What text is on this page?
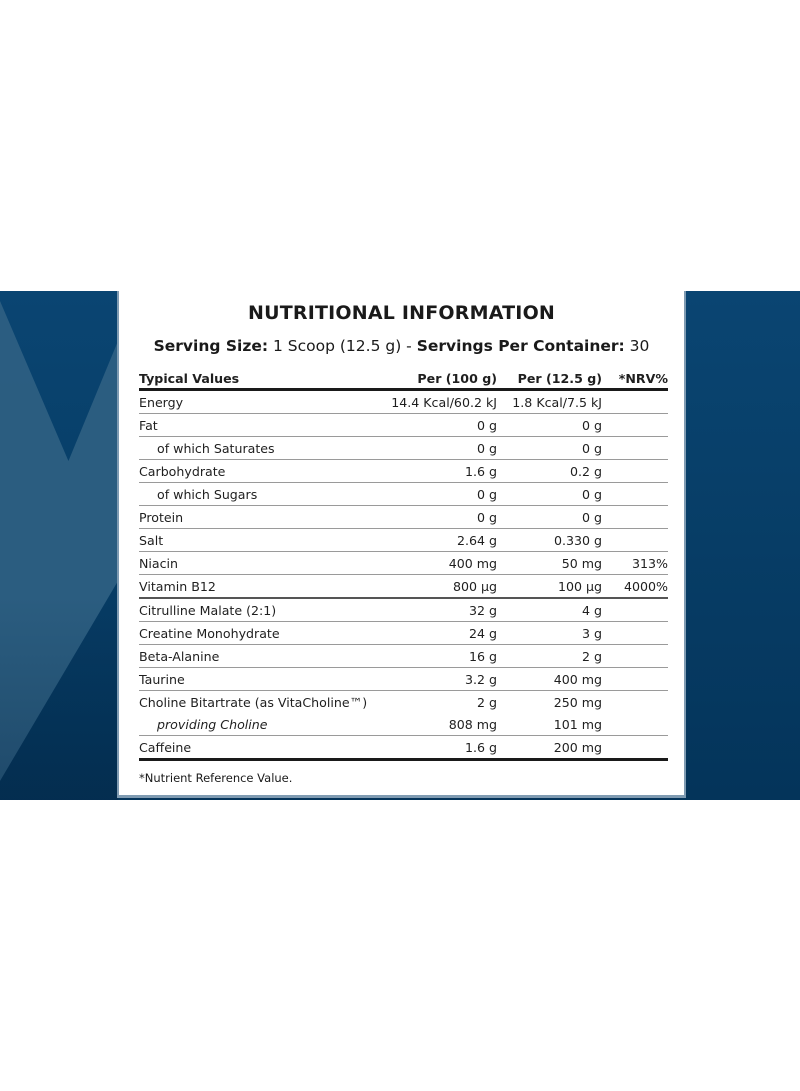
NUTRITIONAL INFORMATION
Serving Size: 1 Scoop (12.5 g) - Servings Per Container: 30
Typical Values	Per (100 g)	Per (12.5 g)	*NRV%
Energy	14.4 Kcal/60.2 kJ	1.8 Kcal/7.5 kJ	
Fat	0 g	0 g	
of which Saturates	0 g	0 g	
Carbohydrate	1.6 g	0.2 g	
of which Sugars	0 g	0 g	
Protein	0 g	0 g	
Salt	2.64 g	0.330 g	
Niacin	400 mg	50 mg	313%
Vitamin B12	800 µg	100 µg	4000%
Citrulline Malate (2:1)	32 g	4 g	
Creatine Monohydrate	24 g	3 g	
Beta-Alanine	16 g	2 g	
Taurine	3.2 g	400 mg	
Choline Bitartrate (as VitaCholine™)	2 g	250 mg	
providing Choline	808 mg	101 mg	
Caffeine	1.6 g	200 mg	
*Nutrient Reference Value.
